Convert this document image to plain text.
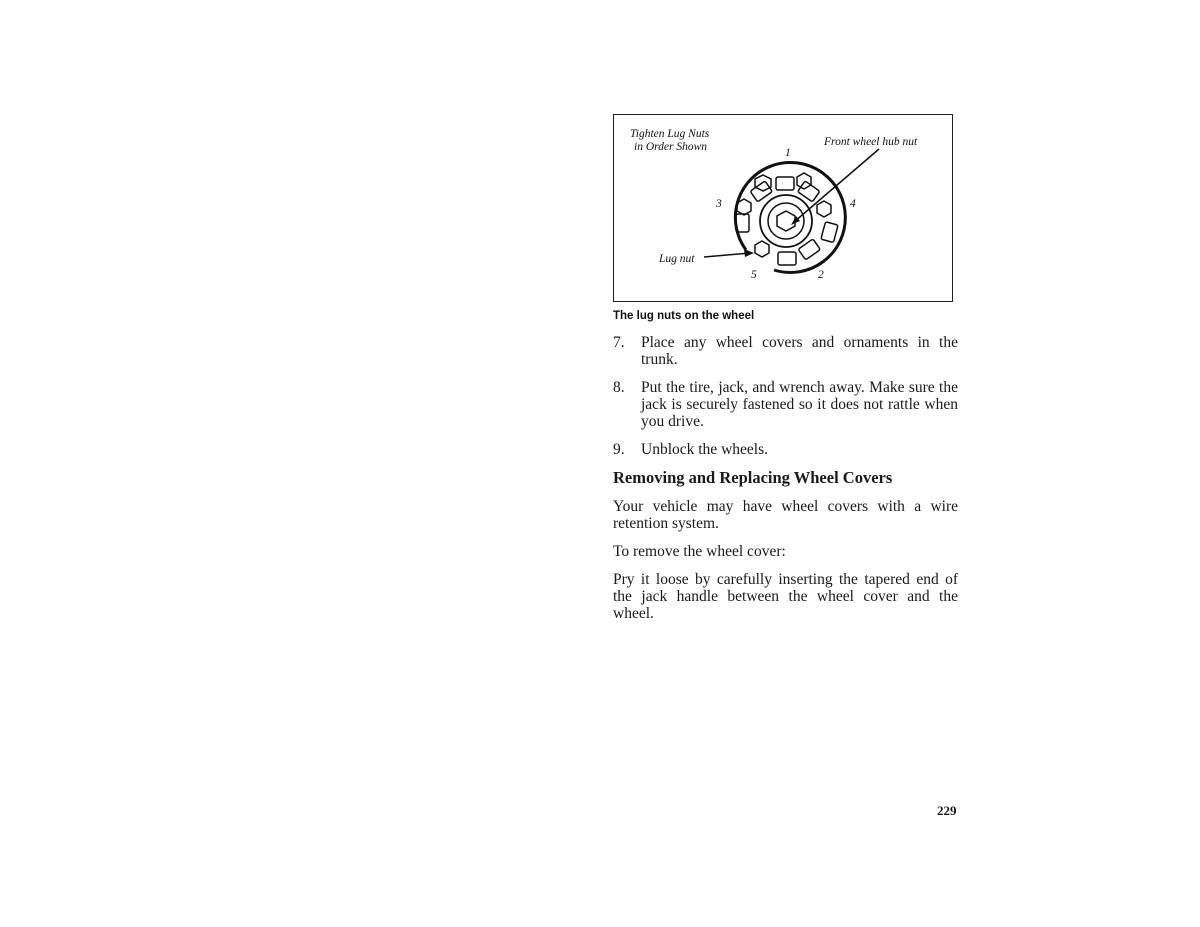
Tighten Lug Nuts
in Order Shown	Front wheel hub nut
Lug nut
1
2
3	4
5
The lug nuts on the wheel
7.	Place any wheel covers and ornaments in the trunk.
8.	Put the tire, jack, and wrench away. Make sure the jack is securely fastened so it does not rattle when you drive.
9.	Unblock the wheels.
Removing and Replacing Wheel Covers
Your vehicle may have wheel covers with a wire retention system.
To remove the wheel cover:
Pry it loose by carefully inserting the tapered end of the jack handle between the wheel cover and the wheel.
229
